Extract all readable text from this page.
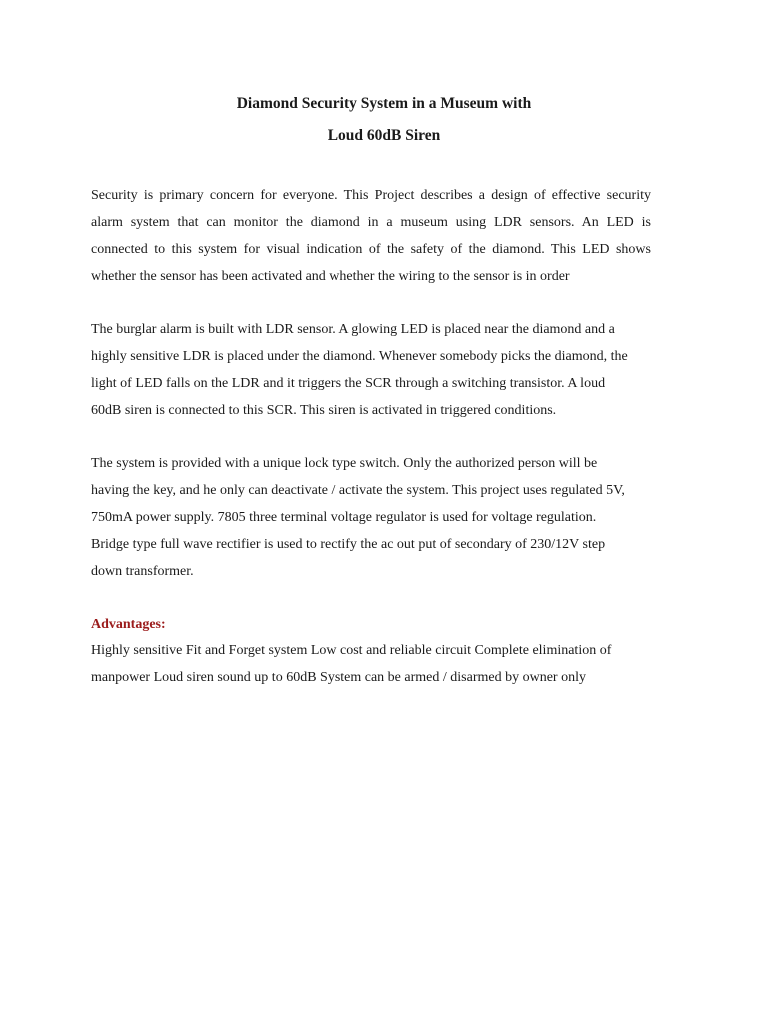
Diamond Security System in a Museum with
Loud 60dB Siren
Security is primary concern for everyone. This Project describes a design of effective security
alarm system that can monitor the diamond in a museum using LDR sensors. An LED is
connected to this system for visual indication of the safety of the diamond. This LED shows
whether the sensor has been activated and whether the wiring to the sensor is in order
The burglar alarm is built with LDR sensor. A glowing LED is placed near the diamond and a
highly sensitive LDR is placed under the diamond. Whenever somebody picks the diamond, the
light of LED falls on the LDR and it triggers the SCR through a switching transistor. A loud
60dB siren is connected to this SCR. This siren is activated in triggered conditions.
The system is provided with a unique lock type switch. Only the authorized person will be
having the key, and he only can deactivate / activate the system. This project uses regulated 5V,
750mA power supply. 7805 three terminal voltage regulator is used for voltage regulation.
Bridge type full wave rectifier is used to rectify the ac out put of secondary of 230/12V step
down transformer.
Advantages:
Highly sensitive Fit and Forget system Low cost and reliable circuit Complete elimination of
manpower Loud siren sound up to 60dB System can be armed / disarmed by owner only
